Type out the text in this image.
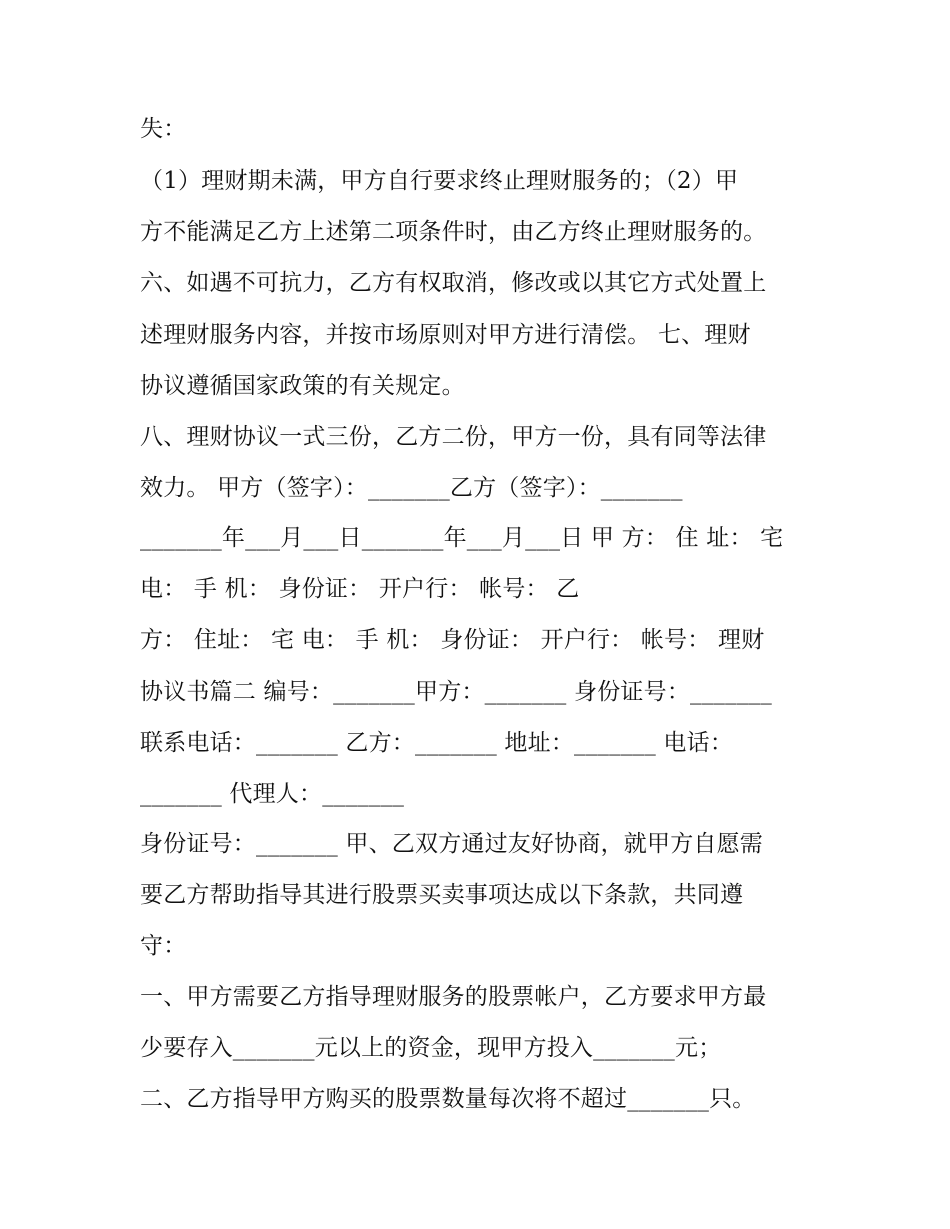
失：
（1）理财期未满，甲方自行要求终止理财服务的；（2）甲
方不能满足乙方上述第二项条件时，由乙方终止理财服务的。
六、如遇不可抗力，乙方有权取消，修改或以其它方式处置上
述理财服务内容，并按市场原则对甲方进行清偿。 七、理财
协议遵循国家政策的有关规定。
八、理财协议一式三份，乙方二份，甲方一份，具有同等法律
效力。 甲方（签字）：_______乙方（签字）：_______
_______年___月___日_______年___月___日 甲 方： 住 址： 宅
电： 手 机： 身份证： 开户行： 帐号： 乙
方： 住址： 宅 电： 手 机： 身份证： 开户行： 帐号： 理财
协议书篇二 编号：_______甲方：_______ 身份证号：_______
联系电话：_______ 乙方：_______ 地址：_______ 电话：
_______ 代理人：_______
身份证号：_______ 甲、乙双方通过友好协商，就甲方自愿需
要乙方帮助指导其进行股票买卖事项达成以下条款，共同遵
守：
一、甲方需要乙方指导理财服务的股票帐户，乙方要求甲方最
少要存入_______元以上的资金，现甲方投入_______元；
二、乙方指导甲方购买的股票数量每次将不超过_______只。
